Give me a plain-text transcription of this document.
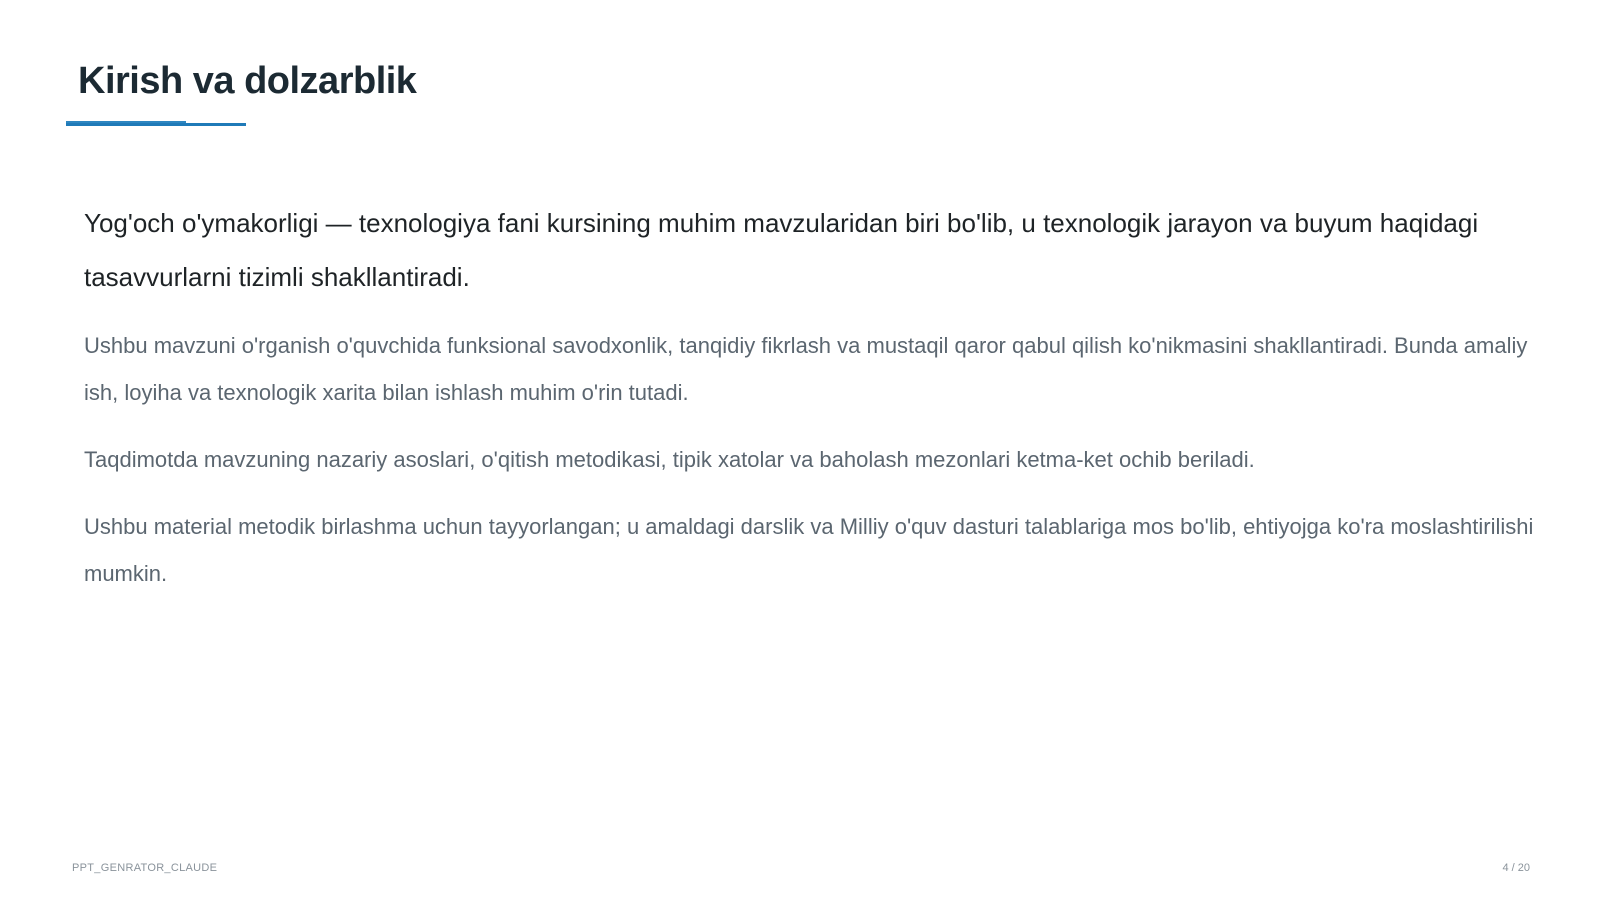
Kirish va dolzarblik

Yog'och o'ymakorligi — texnologiya fani kursining muhim mavzularidan biri bo'lib, u texnologik jarayon va buyum haqidagi tasavvurlarni tizimli shakllantiradi.

Ushbu mavzuni o'rganish o'quvchida funksional savodxonlik, tanqidiy fikrlash va mustaqil qaror qabul qilish ko'nikmasini shakllantiradi. Bunda amaliy ish, loyiha va texnologik xarita bilan ishlash muhim o'rin tutadi.

Taqdimotda mavzuning nazariy asoslari, o'qitish metodikasi, tipik xatolar va baholash mezonlari ketma-ket ochib beriladi.

Ushbu material metodik birlashma uchun tayyorlangan; u amaldagi darslik va Milliy o'quv dasturi talablariga mos bo'lib, ehtiyojga ko'ra moslashtirilishi mumkin.

PPT_GENRATOR_CLAUDE	4 / 20
